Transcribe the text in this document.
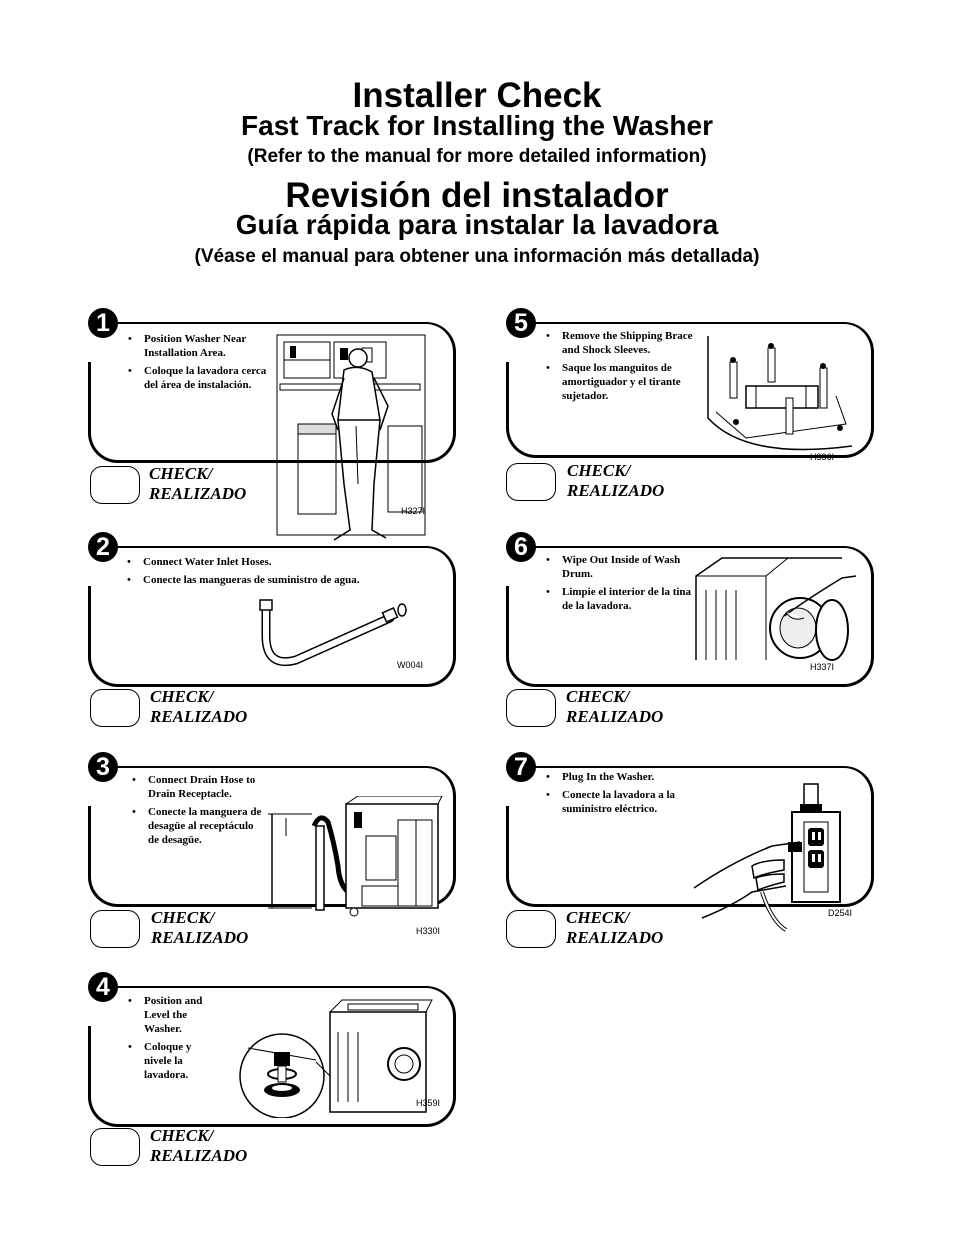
Installer Check
Fast Track for Installing the Washer
(Refer to the manual for more detailed information)
Revisión del instalador
Guía rápida para instalar la lavadora
(Véase el manual para obtener una información más detallada)
1
• Position Washer Near Installation Area.
• Coloque la lavadora cerca del área de instalación.
H327I
CHECK/
REALIZADO
2
• Connect Water Inlet Hoses.
• Conecte las mangueras de suministro de agua.
W004I
CHECK/
REALIZADO
3	• Connect Drain Hose to Drain Receptacle.
• Conecte la manguera de desagüe al receptáculo de desagüe.
H330I
CHECK/
REALIZADO
4	• Position and Level the Washer.
• Coloque y nivele la lavadora.
H359I
CHECK/
REALIZADO
5	• Remove the Shipping Brace and Shock Sleeves.
• Saque los manguitos de amortiguador y el tirante sujetador.
H336I
CHECK/
REALIZADO
6	• Wipe Out Inside of Wash Drum.
• Limpie el interior de la tina de la lavadora.
H337I
CHECK/
REALIZADO
7	• Plug In the Washer.
• Conecte la lavadora a la suministro eléctrico.
D254I
CHECK/
REALIZADO
